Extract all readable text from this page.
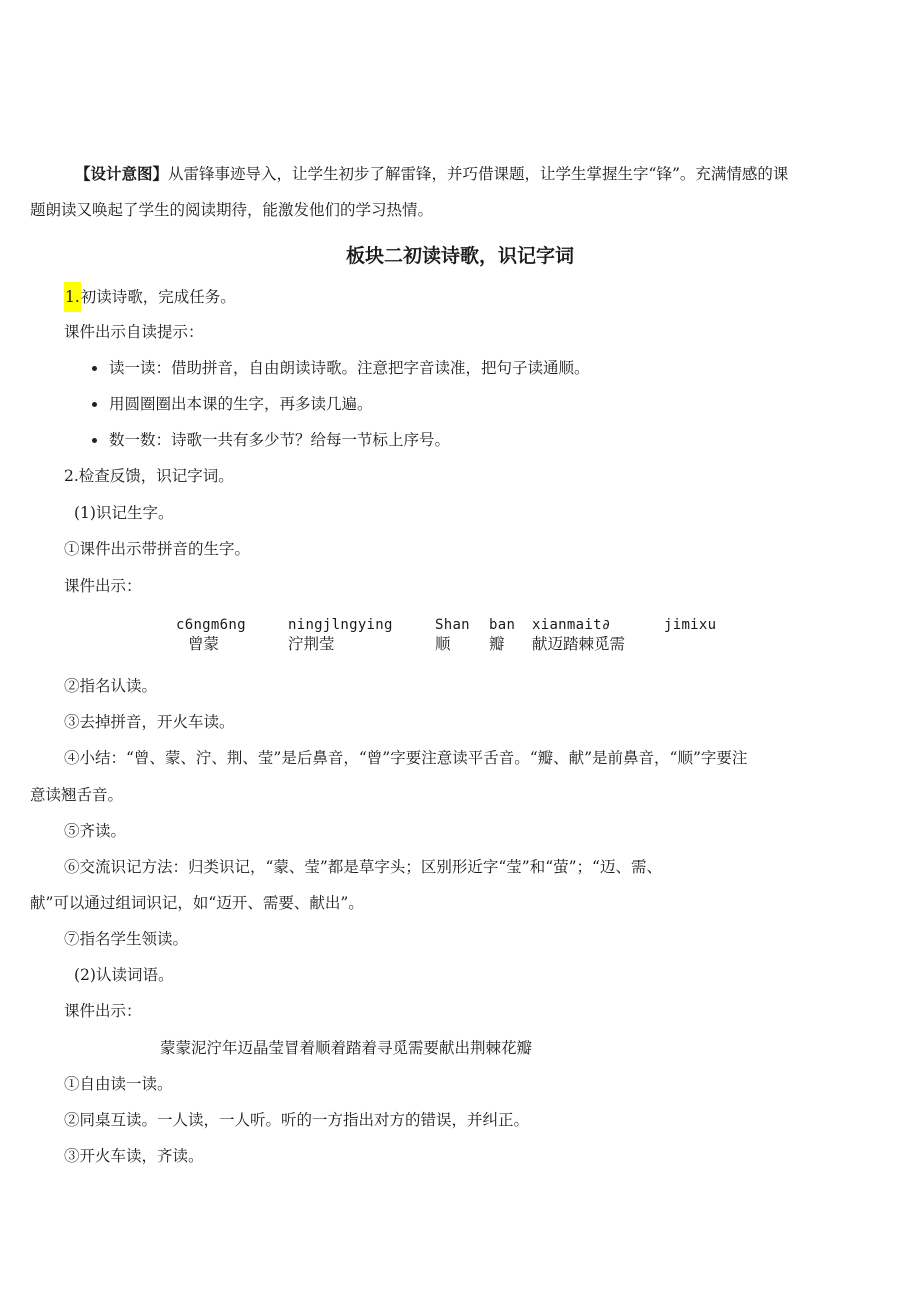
【设计意图】从雷锋事迹导入，让学生初步了解雷锋，并巧借课题，让学生掌握生字“锋”。充满情感的课
题朗读又唤起了学生的阅读期待，能激发他们的学习热情。
板块二初读诗歌，识记字词
1.初读诗歌，完成任务。
课件出示自读提示：
读一读：借助拼音，自由朗读诗歌。注意把字音读准，把句子读通顺。
用圆圈圈出本课的生字，再多读几遍。
数一数：诗歌一共有多少节？给每一节标上序号。
2.检查反馈，识记字词。
(1)识记生字。
①课件出示带拼音的生字。
课件出示：
c6ngm6ng	ningjlngying	Shan ban xianmait∂	jimixu
曾蒙	泞荆莹	顺 瓣 献迈踏棘觅需
②指名认读。
③去掉拼音，开火车读。
④小结：“曾、蒙、泞、荆、莹”是后鼻音，“曾”字要注意读平舌音。“瓣、献”是前鼻音，“顺”字要注
意读翘舌音。
⑤齐读。
⑥交流识记方法：归类识记，“蒙、莹”都是草字头；区别形近字“莹”和“萤”；“迈、需、
献”可以通过组词识记，如“迈开、需要、献出”。
⑦指名学生领读。
(2)认读词语。
课件出示：
蒙蒙泥泞年迈晶莹冒着顺着踏着寻觅需要献出荆棘花瓣
①自由读一读。
②同桌互读。一人读，一人听。听的一方指出对方的错误，并纠正。
③开火车读，齐读。
